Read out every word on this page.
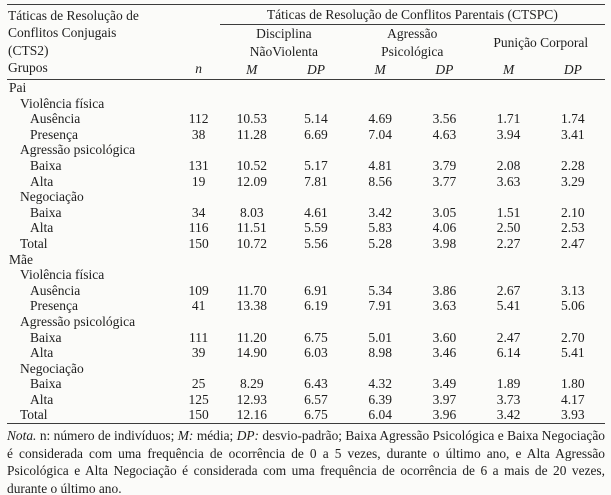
Táticas de Resolução de
Conflitos Conjugais
(CTS2)
Grupos	n	Táticas de Resolução de Conflitos Parentais (CTSPC)					

Disciplina
NãoViolenta

Agressão
Psicológica

Punição Corporal

		M	DP	M	DP	M	DP
Pai							
Violência física							
Ausência	112	10.53	5.14	4.69	3.56	1.71	1.74
Presença	38	11.28	6.69	7.04	4.63	3.94	3.41
Agressão psicológica							
Baixa	131	10.52	5.17	4.81	3.79	2.08	2.28
Alta	19	12.09	7.81	8.56	3.77	3.63	3.29
Negociação							
Baixa	34	8.03	4.61	3.42	3.05	1.51	2.10
Alta	116	11.51	5.59	5.83	4.06	2.50	2.53
Total	150	10.72	5.56	5.28	3.98	2.27	2.47
Mãe							
Violência física							
Ausência	109	11.70	6.91	5.34	3.86	2.67	3.13
Presença	41	13.38	6.19	7.91	3.63	5.41	5.06
Agressão psicológica							
Baixa	111	11.20	6.75	5.01	3.60	2.47	2.70
Alta	39	14.90	6.03	8.98	3.46	6.14	5.41
Negociação							
Baixa	25	8.29	6.43	4.32	3.49	1.89	1.80
Alta	125	12.93	6.57	6.39	3.97	3.73	4.17
Total	150	12.16	6.75	6.04	3.96	3.42	3.93

Nota. n: número de indivíduos; M: média; DP: desvio-padrão; Baixa Agressão Psicológica e Baixa Negociação é considerada com uma frequência de ocorrência de 0 a 5 vezes, durante o último ano, e Alta Agressão Psicológica e Alta Negociação é considerada com uma frequência de ocorrência de 6 a mais de 20 vezes, durante o último ano.
